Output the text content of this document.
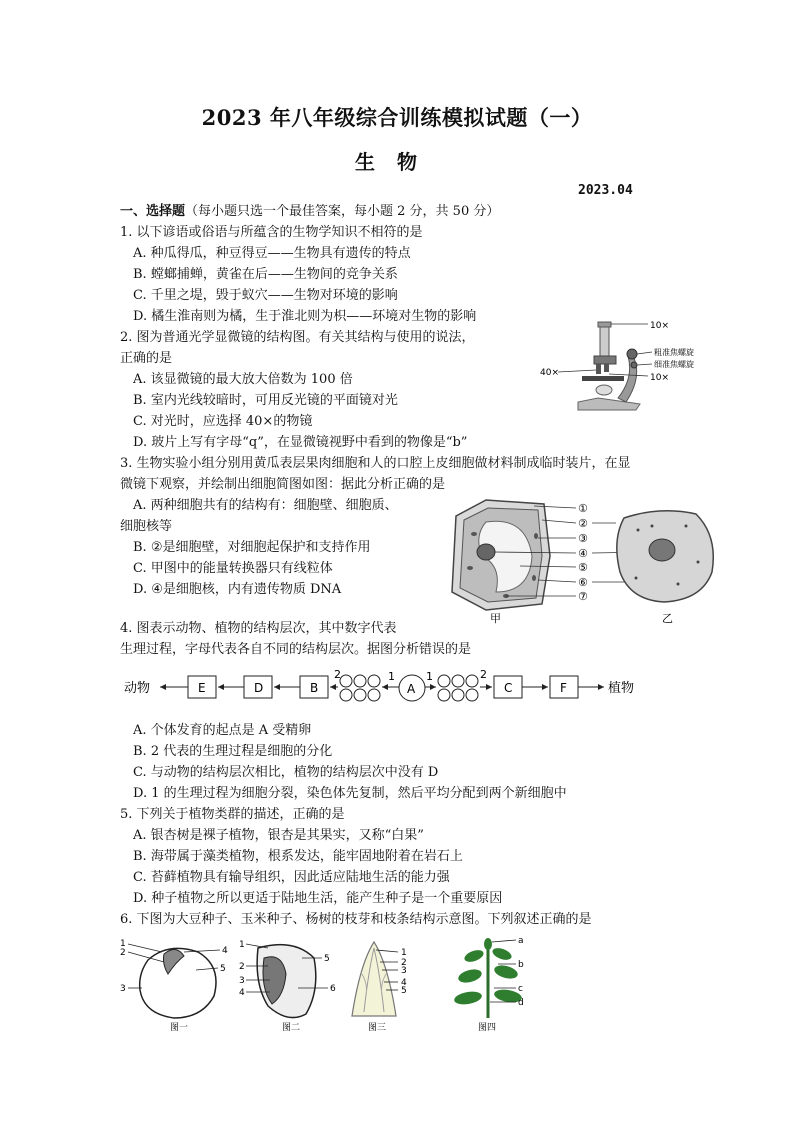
2023 年八年级综合训练模拟试题（一）
生物
2023.04
一、选择题（每小题只选一个最佳答案，每小题 2 分，共 50 分）
1. 以下谚语或俗语与所蕴含的生物学知识不相符的是
A. 种瓜得瓜，种豆得豆——生物具有遗传的特点
B. 螳螂捕蝉，黄雀在后——生物间的竞争关系
C. 千里之堤，毁于蚁穴——生物对环境的影响
D. 橘生淮南则为橘，生于淮北则为枳——环境对生物的影响
2. 图为普通光学显微镜的结构图。有关其结构与使用的说法，
正确的是
A. 该显微镜的最大放大倍数为 100 倍
B. 室内光线较暗时，可用反光镜的平面镜对光
C. 对光时，应选择 40×的物镜
D. 玻片上写有字母“q”，在显微镜视野中看到的物像是“b”
10×
粗准焦螺旋
细准焦螺旋
40×	10×
3. 生物实验小组分别用黄瓜表层果肉细胞和人的口腔上皮细胞做材料制成临时装片，在显
微镜下观察，并绘制出细胞简图如图：据此分析正确的是
A. 两种细胞共有的结构有：细胞壁、细胞质、
细胞核等
B. ②是细胞壁，对细胞起保护和支持作用
C. 甲图中的能量转换器只有线粒体
D. ④是细胞核，内有遗传物质 DNA
①
②
③
④
⑤
⑥
⑦
甲	乙
4. 图表示动物、植物的结构层次，其中数字代表
生理过程，字母代表各自不同的结构层次。据图分析错误的是
动物	E	D	B	A	C	F	植物
2	1	1	2
A. 个体发育的起点是 A 受精卵
B. 2 代表的生理过程是细胞的分化
C. 与动物的结构层次相比，植物的结构层次中没有 D
D. 1 的生理过程为细胞分裂，染色体先复制，然后平均分配到两个新细胞中
5. 下列关于植物类群的描述，正确的是
A. 银杏树是裸子植物，银杏是其果实，又称“白果”
B. 海带属于藻类植物，根系发达，能牢固地附着在岩石上
C. 苔藓植物具有输导组织，因此适应陆地生活的能力强
D. 种子植物之所以更适于陆地生活，能产生种子是一个重要原因
6. 下图为大豆种子、玉米种子、杨树的枝芽和枝条结构示意图。下列叙述正确的是
1
2
3
4
5
图一
1
2
3
4
5
6
图二
1
2
3
4
5
图三
a
b
c
d
图四
